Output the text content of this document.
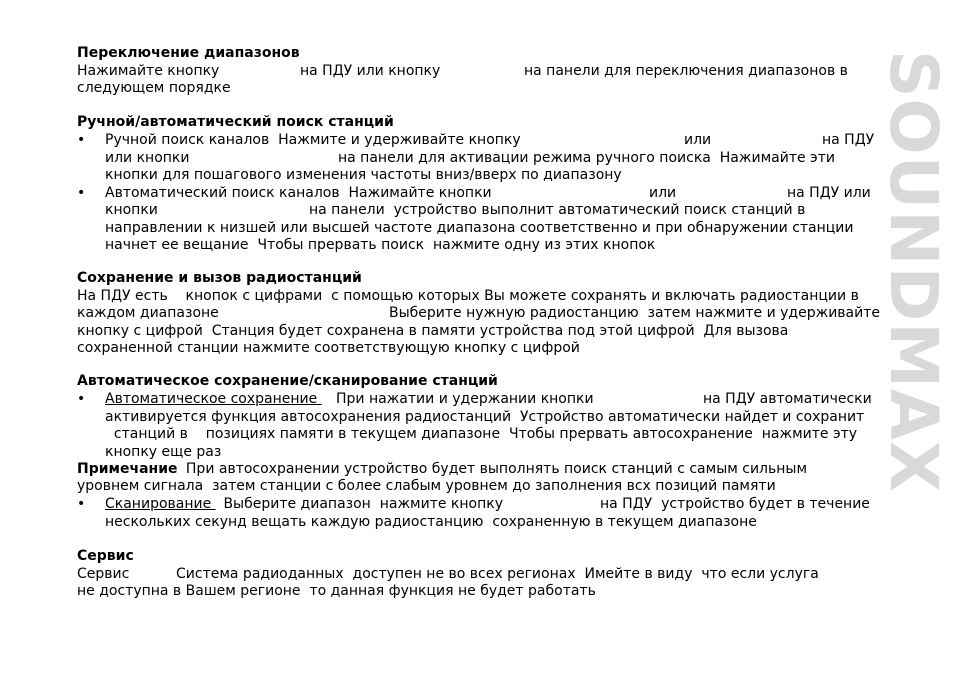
SOUNDMAX
Переключение диапазонов
Нажимайте кнопку	на ПДУ или кнопку	на панели для переключения диапазонов в
следующем порядке
Ручной/автоматический поиск станций
• Ручной поиск каналов  Нажмите и удерживайте кнопку	или	на ПДУ
или кнопки	на панели для активации режима ручного поиска  Нажимайте эти
кнопки для пошагового изменения частоты вниз/вверх по диапазону
• Автоматический поиск каналов  Нажимайте кнопки	или	на ПДУ или
кнопки	на панели  устройство выполнит автоматический поиск станций в
направлении к низшей или высшей частоте диапазона соответственно и при обнаружении станции
начнет ее вещание  Чтобы прервать поиск  нажмите одну из этих кнопок
Сохранение и вызов радиостанций
На ПДУ есть    кнопок с цифрами  с помощью которых Вы можете сохранять и включать радиостанции в
каждом диапазоне	Выберите нужную радиостанцию  затем нажмите и удерживайте
кнопку с цифрой  Станция будет сохранена в памяти устройства под этой цифрой  Для вызова
сохраненной станции нажмите соответствующую кнопку с цифрой
Автоматическое сохранение/сканирование станций
• Автоматическое сохранение При нажатии и удержании кнопки	на ПДУ автоматически
активируется функция автосохранения радиостанций  Устройство автоматически найдет и сохранит
станций в    позициях памяти в текущем диапазоне  Чтобы прервать автосохранение  нажмите эту
кнопку еще раз
Примечание При автосохранении устройство будет выполнять поиск станций с самым сильным
уровнем сигнала  затем станции с более слабым уровнем до заполнения всх позиций памяти
• Сканирование Выберите диапазон  нажмите кнопку	на ПДУ  устройство будет в течение
нескольких секунд вещать каждую радиостанцию  сохраненную в текущем диапазоне
Сервис
Сервис	Система радиоданных  доступен не во всех регионах  Имейте в виду  что если услуга
не доступна в Вашем регионе  то данная функция не будет работать
